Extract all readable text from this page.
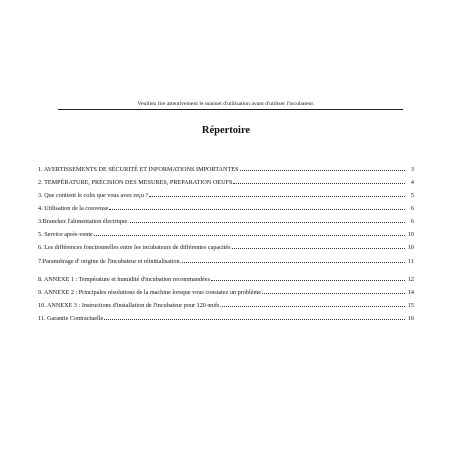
Veuillez lire attentivement le manuel d'utilisation avant d'utiliser l'incubateur.
Répertoire
1. AVERTISSEMENTS DE SÉCURITÉ ET INFORMATIONS IMPORTANTES	3
2. TEMPÉRATURE, PRÉCISION DES MESURES, PREPARATION OEUFS	4
3. Que contient le colis que vous avez reçu ?	5
4. Utilisation de la couveuse	6
3.Branchez l'alimentation électrique.	6
5. Service après-vente	10
6. Les différences fonctionnelles entre les incubateurs de différentes capacités	10
7.Paramétrage d' origine de l'incubateur et réinitialisation.	11
8. ANNEXE 1 : Température et humidité d'incubation recommandées	12
9. ANNEXE 2 : Principales résolutions de la machine lorsque vous constatez un problème	14
10. ANNEXE 3 : Instructions d'installation de l'incubateur pour 120 œufs.	15
11. Garantie Contractuelle	16
